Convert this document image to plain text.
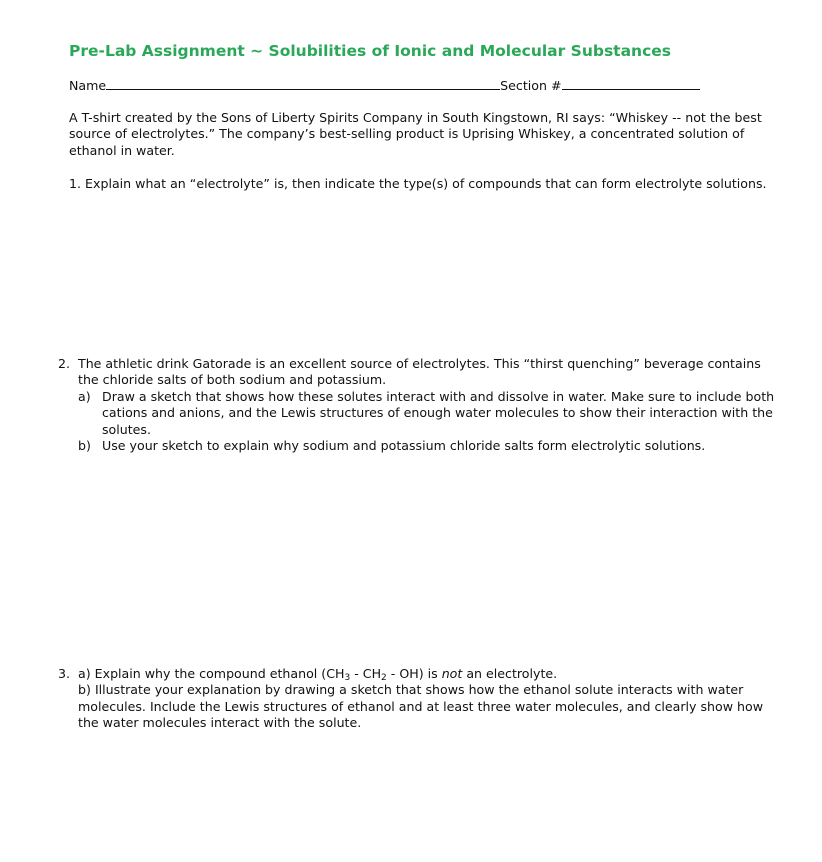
Pre-Lab Assignment ~ Solubilities of Ionic and Molecular Substances
Name	Section #

A T-shirt created by the Sons of Liberty Spirits Company in South Kingstown, RI says: “Whiskey -- not the best source of electrolytes.” The company’s best-selling product is Uprising Whiskey, a concentrated solution of ethanol in water.

1. Explain what an “electrolyte” is, then indicate the type(s) of compounds that can form electrolyte solutions.
2. The athletic drink Gatorade is an excellent source of electrolytes. This “thirst quenching” beverage contains the chloride salts of both sodium and potassium.
a) Draw a sketch that shows how these solutes interact with and dissolve in water. Make sure to include both cations and anions, and the Lewis structures of enough water molecules to show their interaction with the solutes.
b) Use your sketch to explain why sodium and potassium chloride salts form electrolytic solutions.
3. a) Explain why the compound ethanol $(CH_3 - CH_2 - OH)$ is not an electrolyte.
b) Illustrate your explanation by drawing a sketch that shows how the ethanol solute interacts with water molecules. Include the Lewis structures of ethanol and at least three water molecules, and clearly show how the water molecules interact with the solute.
